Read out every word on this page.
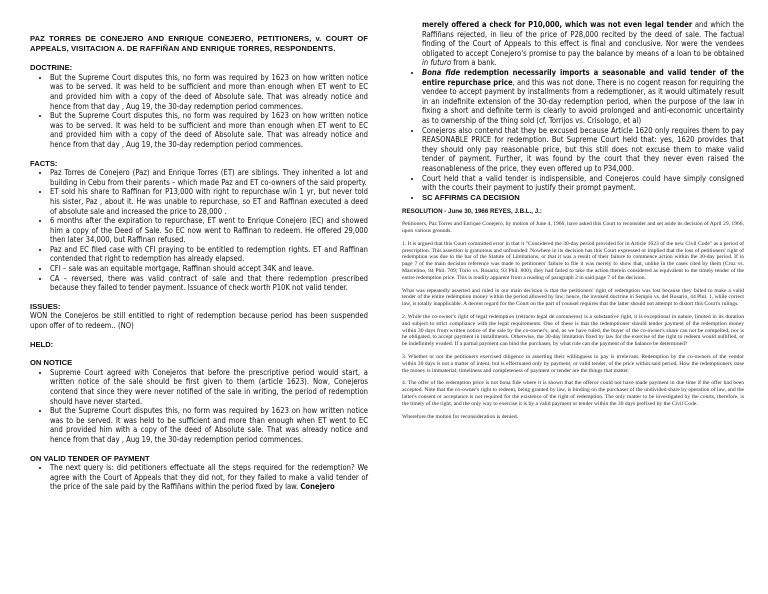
PAZ TORRES DE CONEJERO AND ENRIQUE CONEJERO, PETITIONERS, v. COURT OF APPEALS, VISITACION A. DE RAFFIÑAN AND ENRIQUE TORRES, RESPONDENTS.

DOCTRINE:

• But the Supreme Court disputes this, no form was required by 1623 on how written notice was to be served. It was held to be sufficient and more than enough when ET went to EC and provided him with a copy of the deed of Absolute sale. That was already notice and hence from that day , Aug 19, the 30-day redemption period commences.
• But the Supreme Court disputes this, no form was required by 1623 on how written notice was to be served. It was held to be sufficient and more than enough when ET went to EC and provided him with a copy of the deed of Absolute sale. That was already notice and hence from that day , Aug 19, the 30-day redemption period commences.

FACTS:

• Paz Torres de Conejero (Paz) and Enrique Torres (ET) are siblings. They inherited a lot and building in Cebu from their parents – which made Paz and ET co-owners of the said property.
• ET sold his share to Raffinan for P13,000 with right to repurchase w/in 1 yr, but never told his sister, Paz , about it. He was unable to repurchase, so ET and Raffinan executed a deed of absolute sale and increased the price to 28,000 .
• 6 months after the expiration to repurchase, ET went to Enrique Conejero (EC) and showed him a copy of the Deed of Sale. So EC now went to Raffinan to redeem. He offered 29,000 then later 34,000, but Raffinan refused.
• Paz and EC filed case with CFI praying to be entitled to redemption rights. ET and Raffinan contended that right to redemption has already elapsed.
• CFI – sale was an equitable mortgage, Raffinan should accept 34K and leave.
• CA – reversed, there was valid contract of sale and that there redemption prescribed because they failed to tender payment. Issuance of check worth P10K not valid tender.

ISSUES:

WON the Conejeros be still entitled to right of redemption because period has been suspended upon offer of to redeem.. (NO)

HELD:

ON NOTICE

• Supreme Court agreed with Conejeros that before the prescriptive period would start, a written notice of the sale should be first given to them (article 1623). Now, Conejeros contend that since they were never notified of the sale in writing, the period of redemption should have never started.
• But the Supreme Court disputes this, no form was required by 1623 on how written notice was to be served. It was held to be sufficient and more than enough when ET went to EC and provided him with a copy of the deed of Absolute sale. That was already notice and hence from that day , Aug 19, the 30-day redemption period commences.

ON VALID TENDER OF PAYMENT

• The next query is: did petitioners effectuate all the steps required for the redemption? We agree with the Court of Appeals that they did not, for they failed to make a valid tender of the price of the sale paid by the Raffiñans within the period fixed by law. Conejero

merely offered a check for P10,000, which was not even legal tender and which the Raffiñans rejected, in lieu of the price of P28,000 recited by the deed of sale. The factual finding of the Court of Appeals to this effect is final and conclusive. Nor were the vendees obligated to accept Conejero's promise to pay the balance by means of a loan to be obtained in futuro from a bank.

• Bona fide redemption necessarily imports a seasonable and valid tender of the entire repurchase price, and this was not done. There is no cogent reason for requiring the vendee to accept payment by installments from a redemptioner, as it would ultimately result in an indefinite extension of the 30-day redemption period, when the purpose of the law in fixing a short and definite term is clearly to avoid prolonged and anti-economic uncertainty as to ownership of the thing sold (cf. Torrijos vs. Crisologo, et al)
• Conejeros also contend that they be excused because Article 1620 only requires them to pay REASONABLE PRICE for redemption. But Supreme Court held that: yes, 1620 provides that they should only pay reasonable price, but this still does not excuse them to make valid tender of payment. Further, it was found by the court that they never even raised the reasonableness of the price, they even offered up to P34,000.
• Court held that a valid tender is indispensible, and Conejeros could have simply consigned with the courts their payment to justify their prompt payment.
• SC AFFIRMS CA DECISION

RESOLUTION - June 30, 1966 REYES, J.B.L., J.:

Petitioners, Paz Torres and Enrique Conejero, by motion of June 4, 1966, have asked this Court to reconsider and set aside its decision of April 29, 1966, upon various grounds.

1. It is argued that this Court committed error in that it "Considered the 30-day period provided for in Article 1623 of the new Civil Code" as a period of prescription. This assertion is gratuitous and unfounded. Nowhere in its decision has this Court expressed or implied that the loss of petitioners' right of redemption was due to the bar of the Statute of Limitations, or that it was a result of their failure to commence action within the 30-day period. If in page 7 of the main decision reference was made to petitioners' failure to file it was merely to show that, unlike in the cases cited by them (Cruz vs. Marcelino, 84 Phil. 709; Torio vs. Rosario, 93 Phil. 800), they had failed to take the action therein considered as equivalent to the timely tender of the entire redemption price. This is readily apparent from a reading of paragraph 2 in said page 7 of the decision.

What was repeatedly asserted and ruled in our main decision is that the petitioners' right of redemption was lost because they failed to make a valid tender of the entire redemption money within the period allowed by law; hence, the invoked doctrine in Sempio vs. del Rosario, 44 Phil. 1, while correct law, is totally inapplicable. A decent regard for the Court on the part of counsel requires that the latter should not attempt to distort this Court's rulings.

2. While the co-owner's right of legal redemption (retracto legal de comuneros) is a substantive right, it is exceptional in nature, limited in its duration and subject to strict compliance with the legal requirements. One of these is that the redemptioner should tender payment of the redemption money within 30 days from written notice of the sale by the co-owner's, and, as we have ruled, the buyer of the co-owner's share can not be compelled, nor is he obligated, to accept payment in installments. Otherwise, the 30-day limitation fixed by law for the exercise of the right to redeem would nullified, or be indefinitely evaded. If a partial payment can bind the purchaser, by what rule can the payment of the balance be determined?

3. Whether or not the petitioners exercised diligence in asserting their willingness to pay is irrelevant. Redemption by the co-owners of the vendor within 30 days is not a matter of intent, but is effectuated only by payment, or valid tender, of the price within said period. How the redemptioners raise the money is immaterial; timeliness and completeness of payment or tender are the things that matter.

4. The offer of the redemption price is not bona fide where it is shown that the offeror could not have made payment in due time if the offer had been accepted. Note that the co-owner's right to redeem, being granted by law, is binding on the purchaser of the undivided share by operation of law, and the latter's consent or acceptance is not required for the existence of the right of redemption. The only matter to be investigated by the courts, therefore, is the timely of the right, and the only way to exercise it is by a valid payment or tender within the 30 days prefixed by the Civil Code.

Wherefore the motion for reconsideration is denied.
